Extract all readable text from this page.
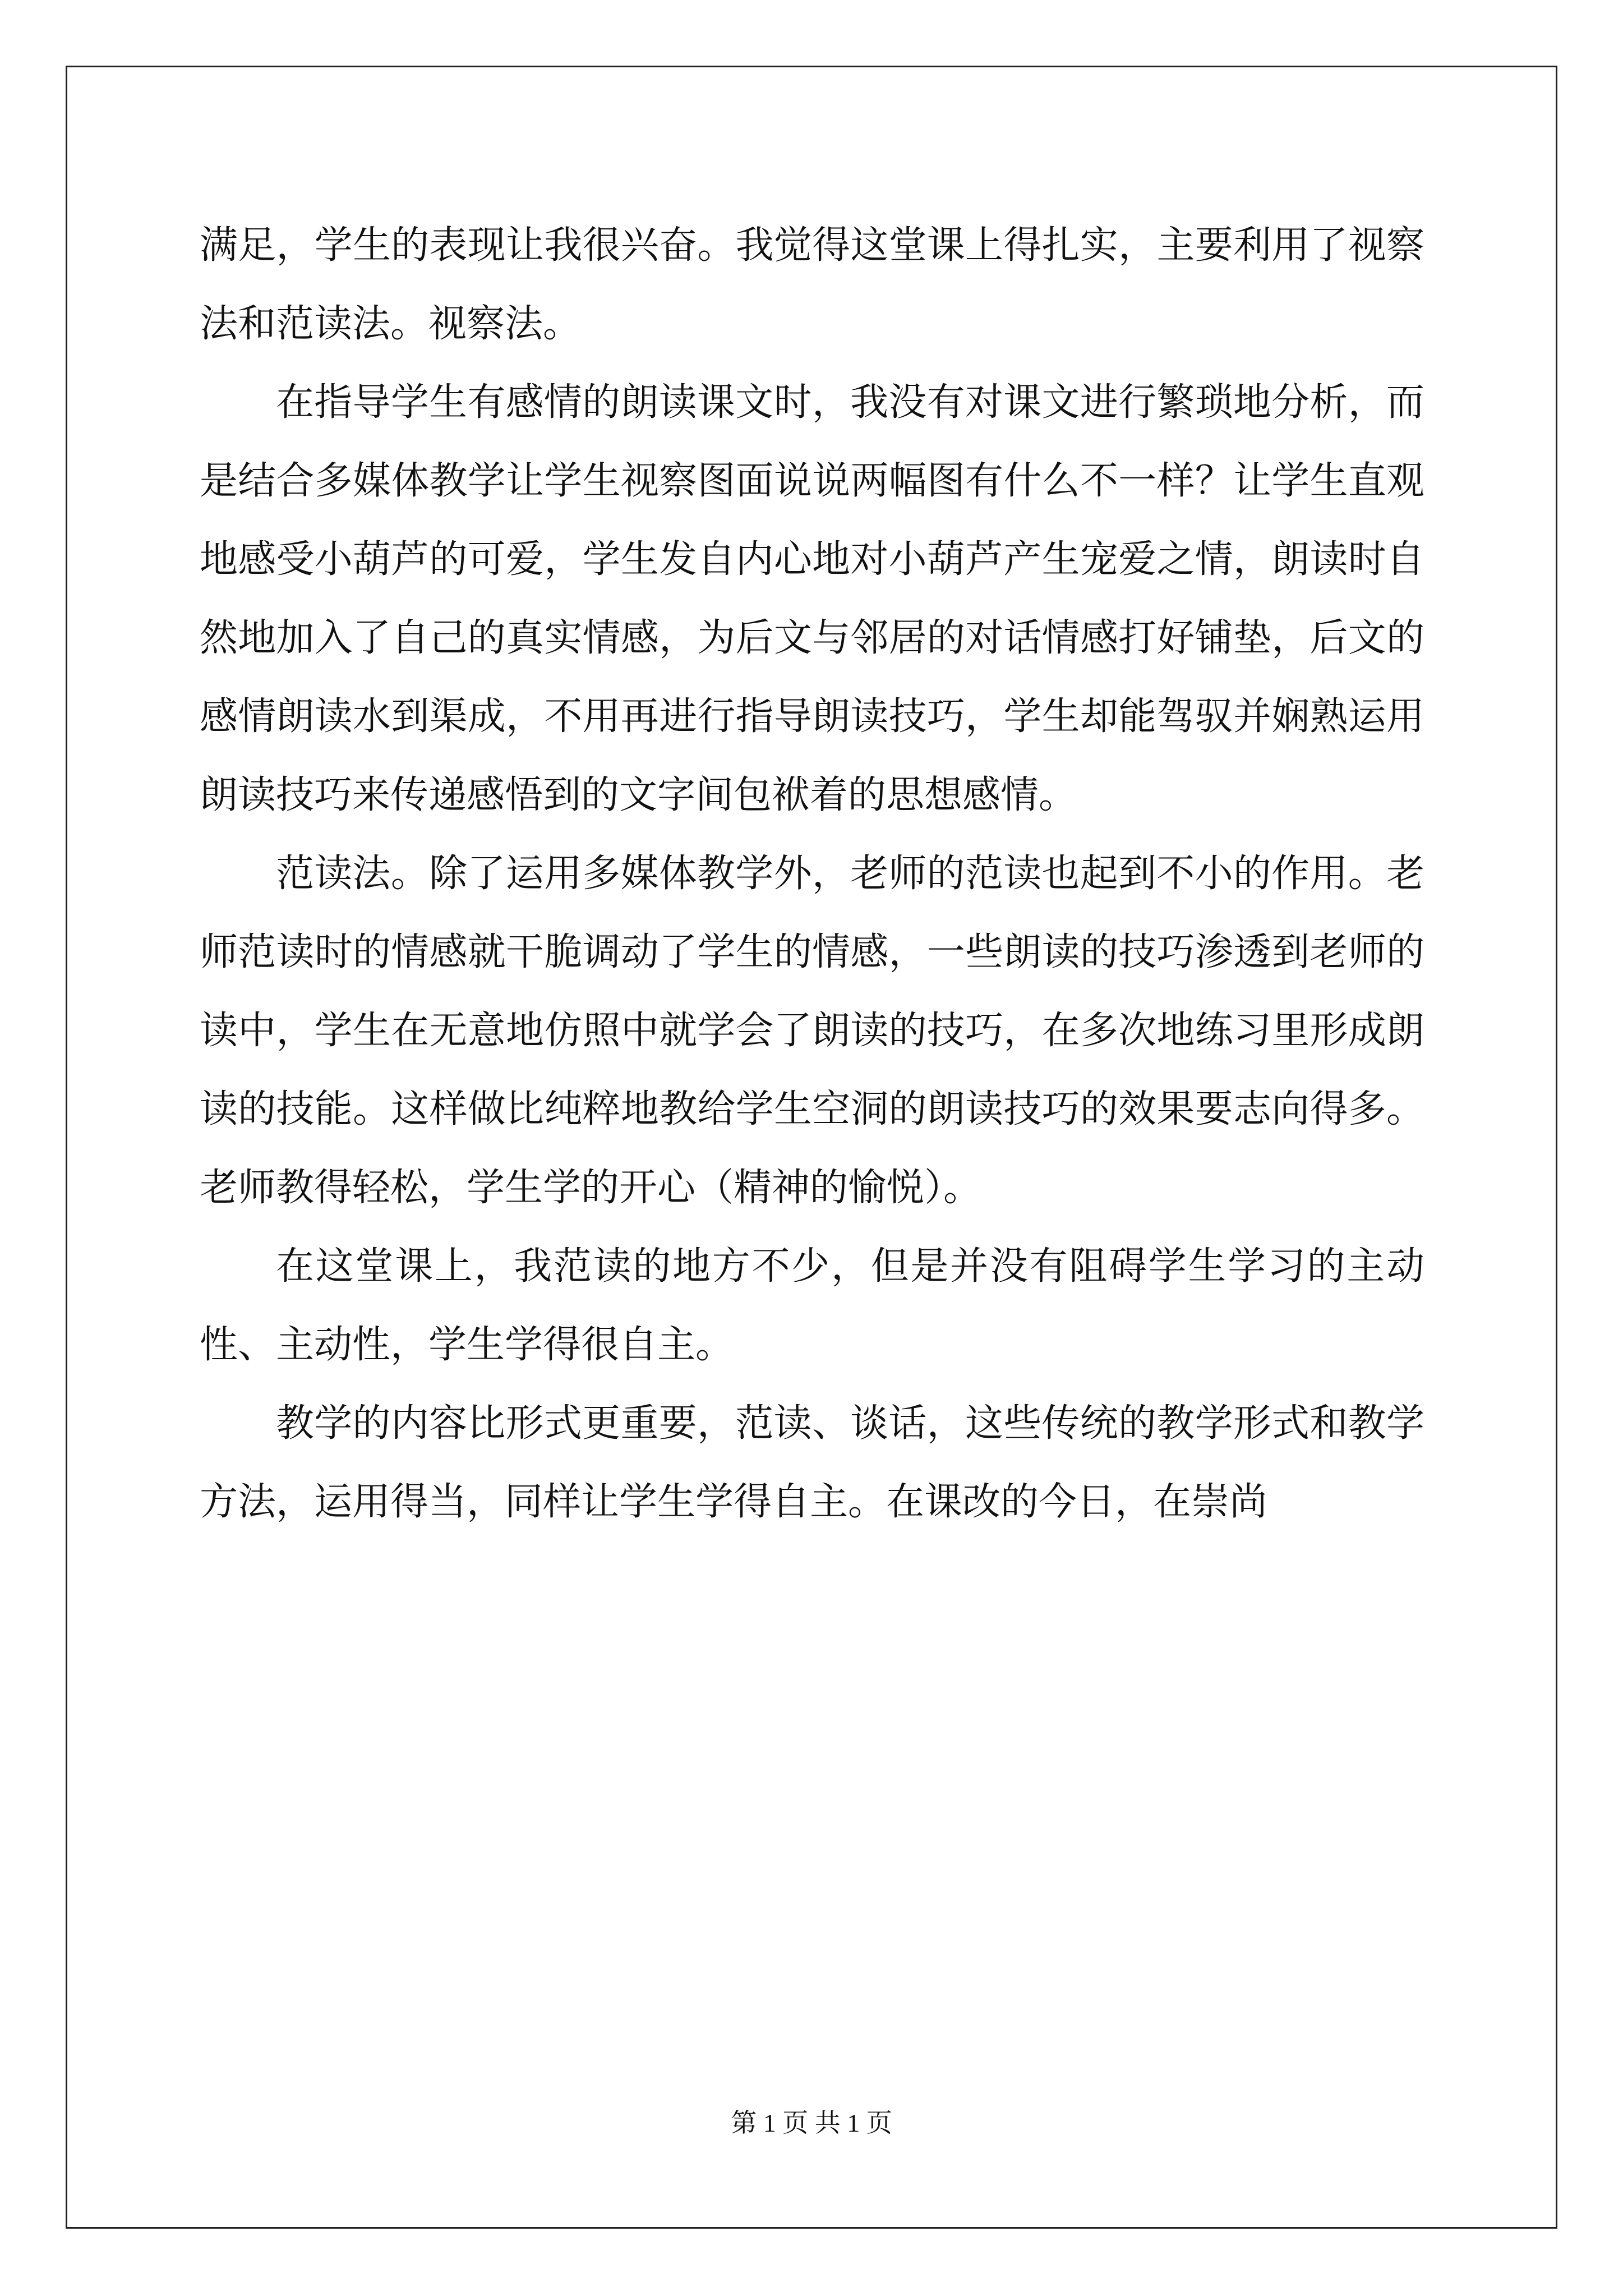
满足，学生的表现让我很兴奋。我觉得这堂课上得扎实，主要利用了视察法和范读法。视察法。

在指导学生有感情的朗读课文时，我没有对课文进行繁琐地分析，而是结合多媒体教学让学生视察图面说说两幅图有什么不一样？让学生直观地感受小葫芦的可爱，学生发自内心地对小葫芦产生宠爱之情，朗读时自然地加入了自己的真实情感，为后文与邻居的对话情感打好铺垫，后文的感情朗读水到渠成，不用再进行指导朗读技巧，学生却能驾驭并娴熟运用朗读技巧来传递感悟到的文字间包袱着的思想感情。

范读法。除了运用多媒体教学外，老师的范读也起到不小的作用。老师范读时的情感就干脆调动了学生的情感，一些朗读的技巧渗透到老师的读中，学生在无意地仿照中就学会了朗读的技巧，在多次地练习里形成朗读的技能。这样做比纯粹地教给学生空洞的朗读技巧的效果要志向得多。老师教得轻松，学生学的开心（精神的愉悦）。

在这堂课上，我范读的地方不少，但是并没有阻碍学生学习的主动性、主动性，学生学得很自主。

教学的内容比形式更重要，范读、谈话，这些传统的教学形式和教学方法，运用得当，同样让学生学得自主。在课改的今日，在崇尚

第 1 页 共 1 页
